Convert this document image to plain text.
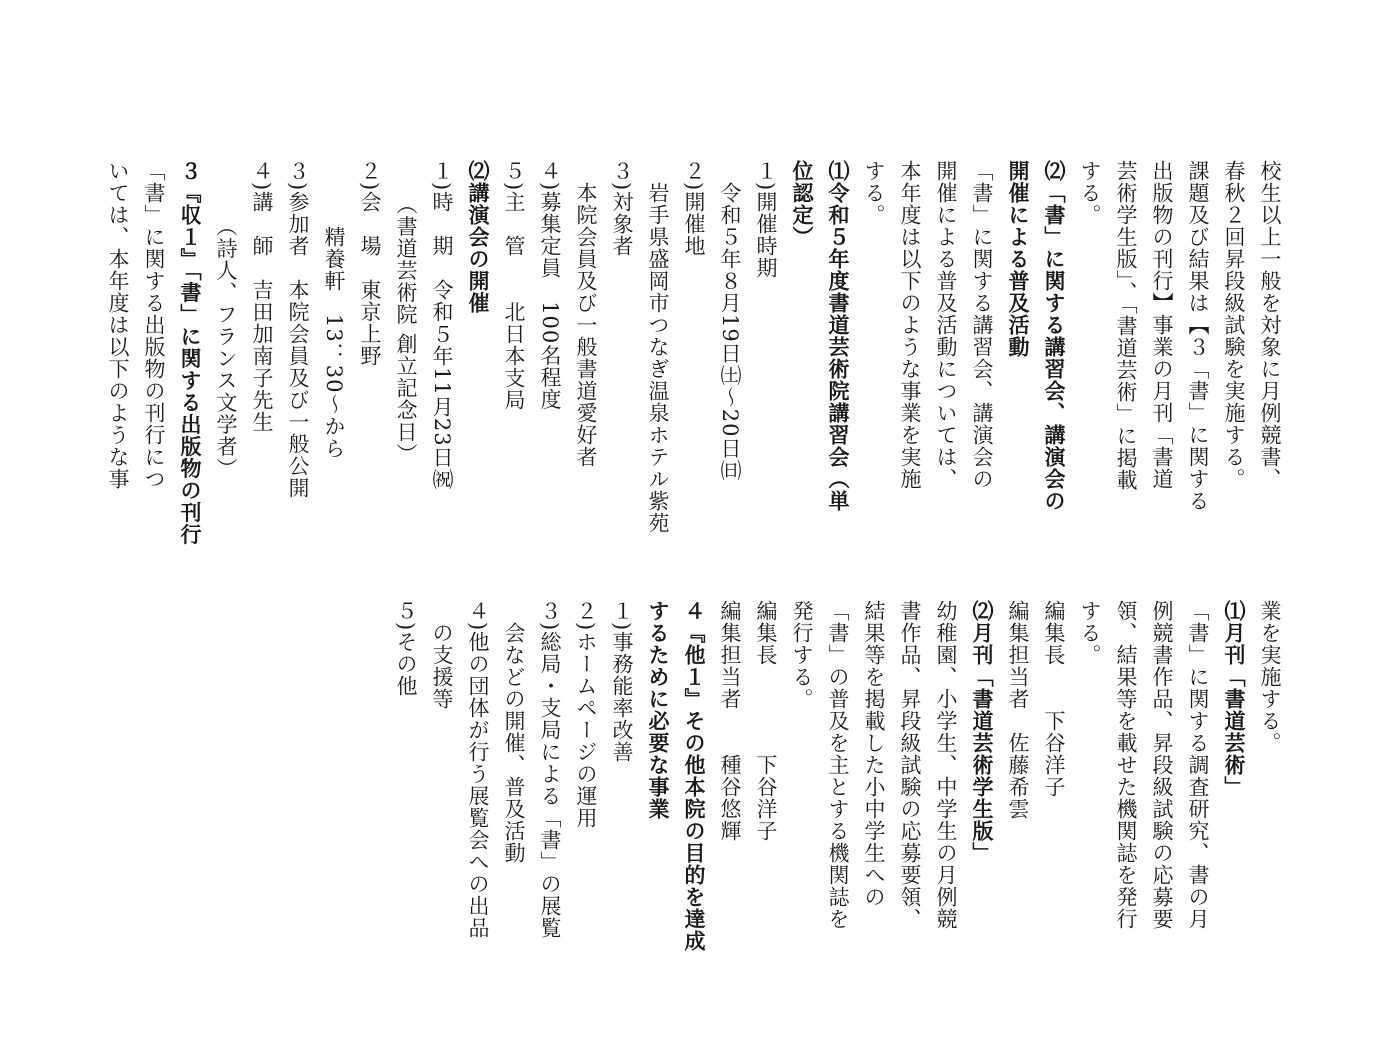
校生以上一般を対象に月例競書、
春秋２回昇段級試験を実施する。
課題及び結果は【３「書」に関する
出版物の刊行】事業の月刊「書道
芸術学生版」、「書道芸術」に掲載
する。
⑵「書」に関する講習会、講演会の
開催による普及活動
「書」に関する講習会、講演会の
開催による普及活動については、
本年度は以下のような事業を実施
する。
⑴令和５年度書道芸術院講習会（単
位認定）
１)開催時期
　令和５年８月19日㈯～20日㈰
２)開催地
　岩手県盛岡市つなぎ温泉ホテル紫苑
３)対象者
　本院会員及び一般書道愛好者
４)募集定員　100名程度
５)主　管　　北日本支局
⑵講演会の開催
１)時　期　令和５年11月23日㈷
　　（書道芸術院 創立記念日）
２)会　場　東京上野
　　　精養軒　13：30～から
３)参加者　本院会員及び一般公開
４)講　師　吉田加南子先生
　　　（詩人、フランス文学者）
３『収１』「書」に関する出版物の刊行
「書」に関する出版物の刊行につ
いては、本年度は以下のような事
業を実施する。
⑴月刊「書道芸術」
「書」に関する調査研究、書の月
例競書作品、昇段級試験の応募要
領、結果等を載せた機関誌を発行
する。
編集長　　下谷洋子
編集担当者　佐藤希雲
⑵月刊「書道芸術学生版」
幼稚園、小学生、中学生の月例競
書作品、昇段級試験の応募要領、
結果等を掲載した小中学生への
「書」の普及を主とする機関誌を
発行する。
編集長　　　　下谷洋子
編集担当者　　種谷悠輝
４『他１』その他本院の目的を達成
するために必要な事業
１)事務能率改善
２)ホームページの運用
３)総局・支局による「書」の展覧
　会などの開催、普及活動
４)他の団体が行う展覧会への出品
　の支援等
５)その他
